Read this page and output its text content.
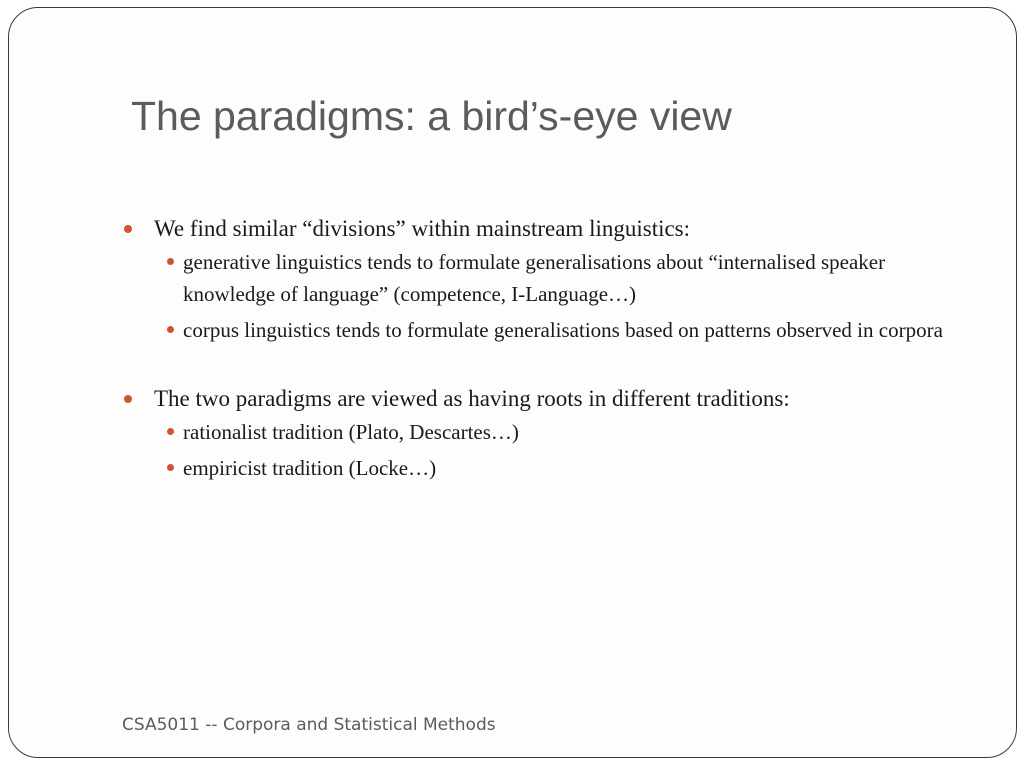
The paradigms: a bird’s-eye view
We find similar “divisions” within mainstream linguistics:
generative linguistics tends to formulate generalisations about “internalised speaker knowledge of language” (competence, I-Language…)
corpus linguistics tends to formulate generalisations based on patterns observed in corpora
The two paradigms are viewed as having roots in different traditions:
rationalist tradition (Plato, Descartes…)
empiricist tradition (Locke…)
CSA5011 -- Corpora and Statistical Methods
